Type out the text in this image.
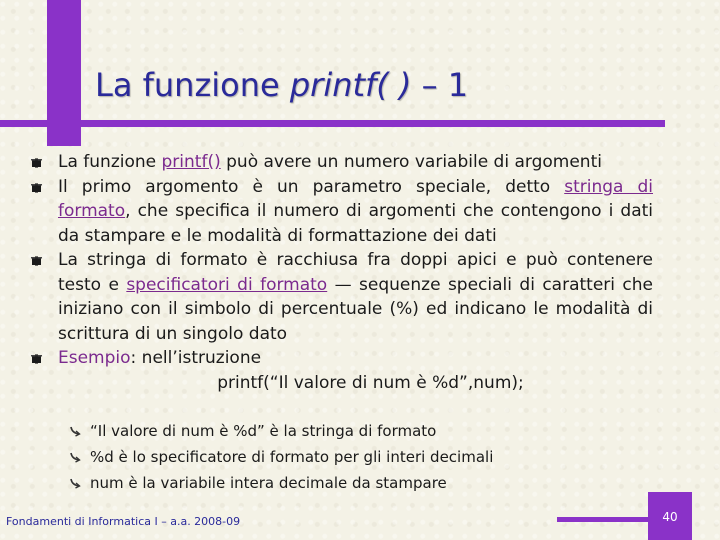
La funzione printf( ) – 1
La funzione printf() può avere un numero variabile di argomenti
Il primo argomento è un parametro speciale, detto stringa di formato, che specifica il numero di argomenti che contengono i dati da stampare e le modalità di formattazione dei dati
La stringa di formato è racchiusa fra doppi apici e può contenere testo e specificatori di formato — sequenze speciali di caratteri che iniziano con il simbolo di percentuale (%) ed indicano le modalità di scrittura di un singolo dato
Esempio: nell’istruzione
printf(“Il valore di num è %d”,num);
“Il valore di num è %d” è la stringa di formato
%d è lo specificatore di formato per gli interi decimali
num è la variabile intera decimale da stampare
Fondamenti di Informatica I – a.a. 2008-09	40
